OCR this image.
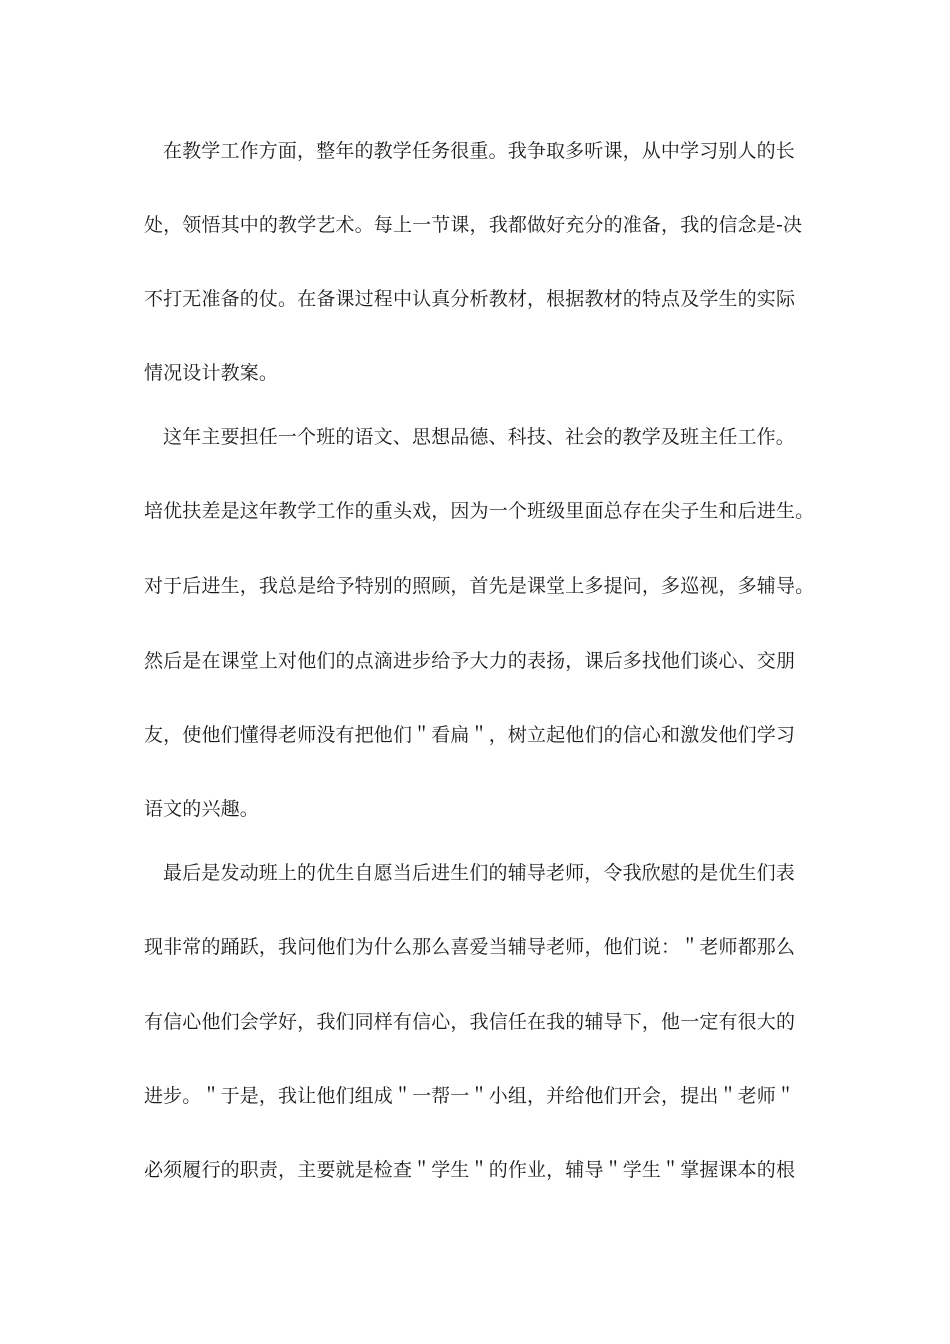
在教学工作方面，整年的教学任务很重。我争取多听课，从中学习别人的长
处，领悟其中的教学艺术。每上一节课，我都做好充分的准备，我的信念是-决
不打无准备的仗。在备课过程中认真分析教材，根据教材的特点及学生的实际
情况设计教案。
这年主要担任一个班的语文、思想品德、科技、社会的教学及班主任工作。
培优扶差是这年教学工作的重头戏，因为一个班级里面总存在尖子生和后进生。
对于后进生，我总是给予特别的照顾，首先是课堂上多提问，多巡视，多辅导。
然后是在课堂上对他们的点滴进步给予大力的表扬，课后多找他们谈心、交朋
友，使他们懂得老师没有把他们＂看扁＂，树立起他们的信心和激发他们学习
语文的兴趣。
最后是发动班上的优生自愿当后进生们的辅导老师，令我欣慰的是优生们表
现非常的踊跃，我问他们为什么那么喜爱当辅导老师，他们说：＂老师都那么
有信心他们会学好，我们同样有信心，我信任在我的辅导下，他一定有很大的
进步。＂于是，我让他们组成＂一帮一＂小组，并给他们开会，提出＂老师＂
必须履行的职责，主要就是检查＂学生＂的作业，辅导＂学生＂掌握课本的根
